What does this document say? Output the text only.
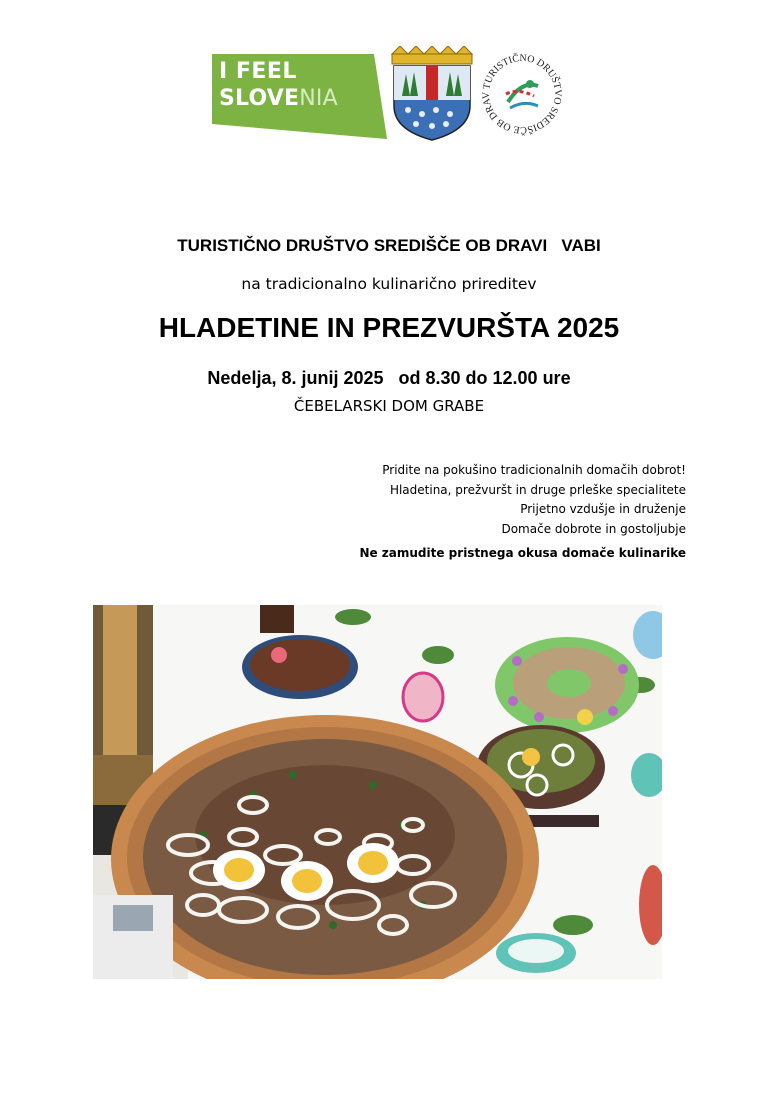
I FEEL
SLOVENIA	TURISTIČNO DRUŠTVO SREDIŠČE OB DRAV
TURISTIČNO DRUŠTVO SREDIŠČE OB DRAVI   VABI
na tradicionalno kulinarično prireditev
HLADETINE IN PREZVURŠTA 2025
Nedelja, 8. junij 2025   od 8.30 do 12.00 ure
ČEBELARSKI DOM GRABE
Pridite na pokušino tradicionalnih domačih dobrot!
Hladetina, prežvuršt in druge prleške specialitete
Prijetno vzdušje in druženje
Domače dobrote in gostoljubje
Ne zamudite pristnega okusa domače kulinarike
